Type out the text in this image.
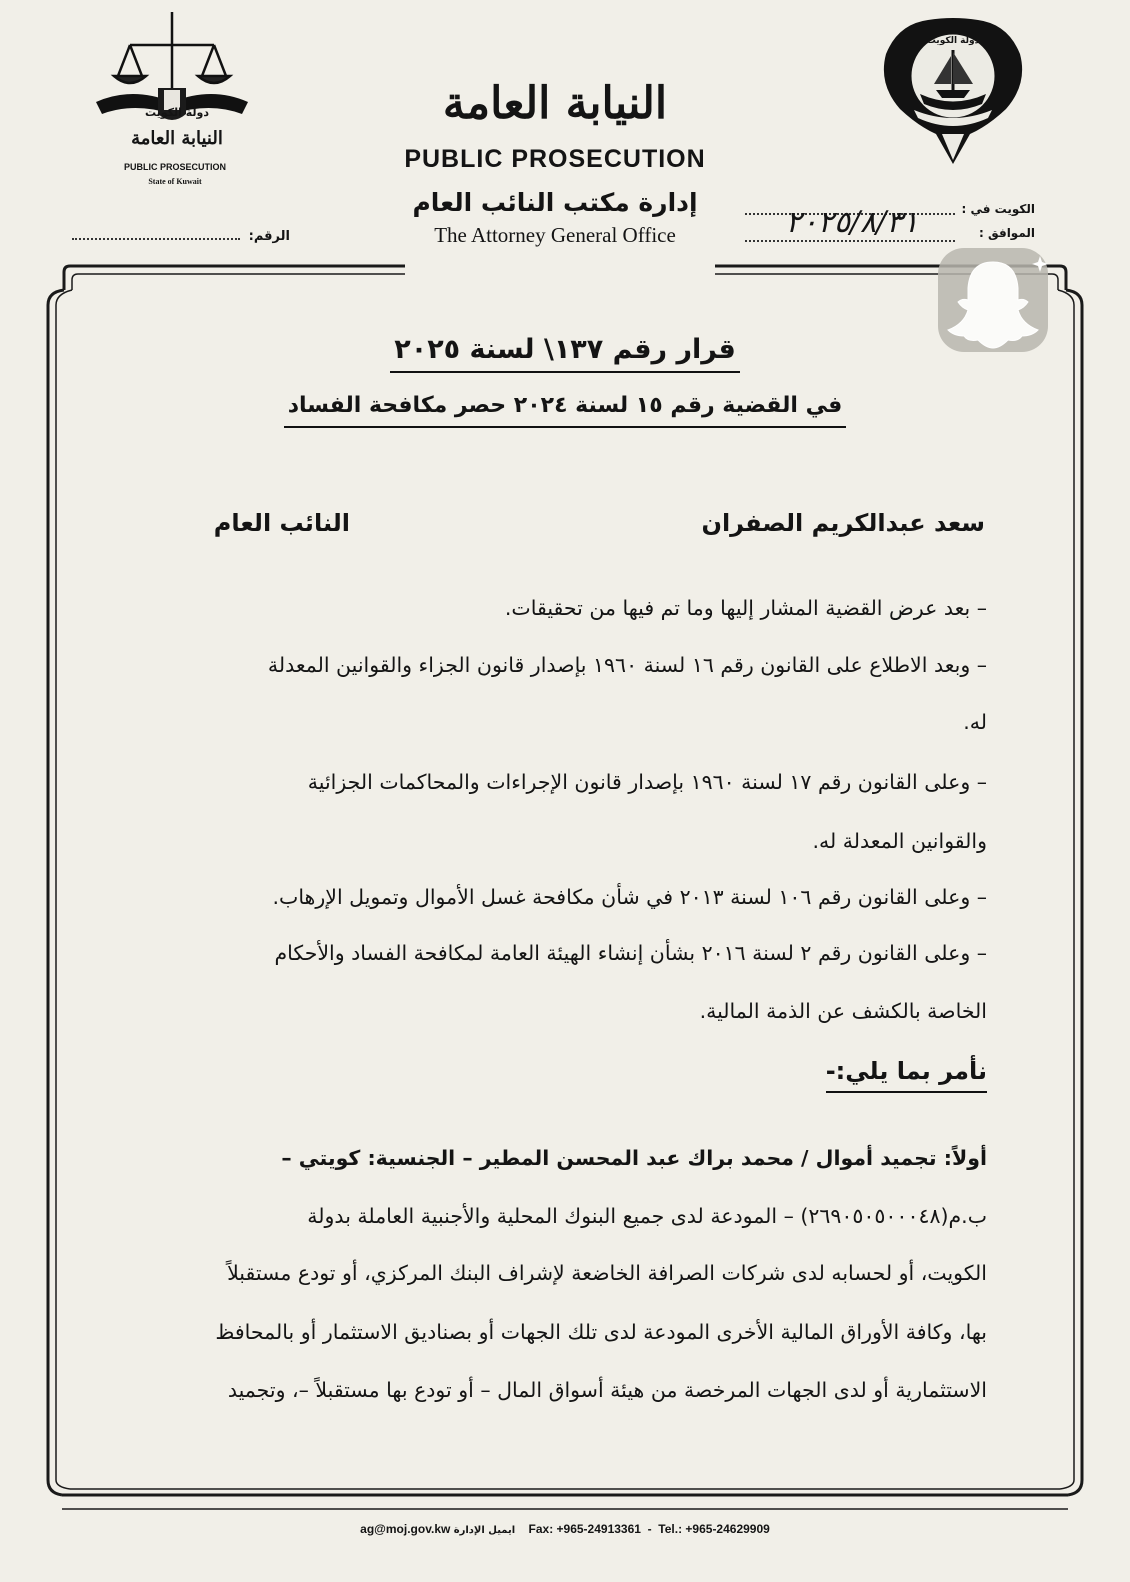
دولة الكويت
النيابة العامة
PUBLIC PROSECUTION
State of Kuwait
الرقم:
النيابة العامة
PUBLIC PROSECUTION
إدارة مكتب النائب العام
The Attorney General Office
دولة الكويت
الكويت في :
الموافق :
٢٠٢٥/٨/٣١
قرار رقم ١٣٧\ لسنة ٢٠٢٥
في القضية رقم ١٥ لسنة ٢٠٢٤ حصر مكافحة الفساد
سعد عبدالكريم الصفران
النائب العام
– بعد عرض القضية المشار إليها وما تم فيها من تحقيقات.
– وبعد الاطلاع على القانون رقم ١٦ لسنة ١٩٦٠ بإصدار قانون الجزاء والقوانين المعدلة
له.
– وعلى القانون رقم ١٧ لسنة ١٩٦٠ بإصدار قانون الإجراءات والمحاكمات الجزائية
والقوانين المعدلة له.
– وعلى القانون رقم ١٠٦ لسنة ٢٠١٣ في شأن مكافحة غسل الأموال وتمويل الإرهاب.
– وعلى القانون رقم ٢ لسنة ٢٠١٦ بشأن إنشاء الهيئة العامة لمكافحة الفساد والأحكام
الخاصة بالكشف عن الذمة المالية.
نأمر بما يلي:-
أولاً: تجميد أموال / محمد براك عبد المحسن المطير – الجنسية: كويتي –
ب.م(٢٦٩٠٥٠٥٠٠٠٤٨) – المودعة لدى جميع البنوك المحلية والأجنبية العاملة بدولة
الكويت، أو لحسابه لدى شركات الصرافة الخاضعة لإشراف البنك المركزي، أو تودع مستقبلاً
بها، وكافة الأوراق المالية الأخرى المودعة لدى تلك الجهات أو بصناديق الاستثمار أو بالمحافظ
الاستثمارية أو لدى الجهات المرخصة من هيئة أسواق المال – أو تودع بها مستقبلاً –، وتجميد
ag@moj.gov.kw ايميل الإدارة Fax: +965-24913361  -  Tel.: +965-24629909
